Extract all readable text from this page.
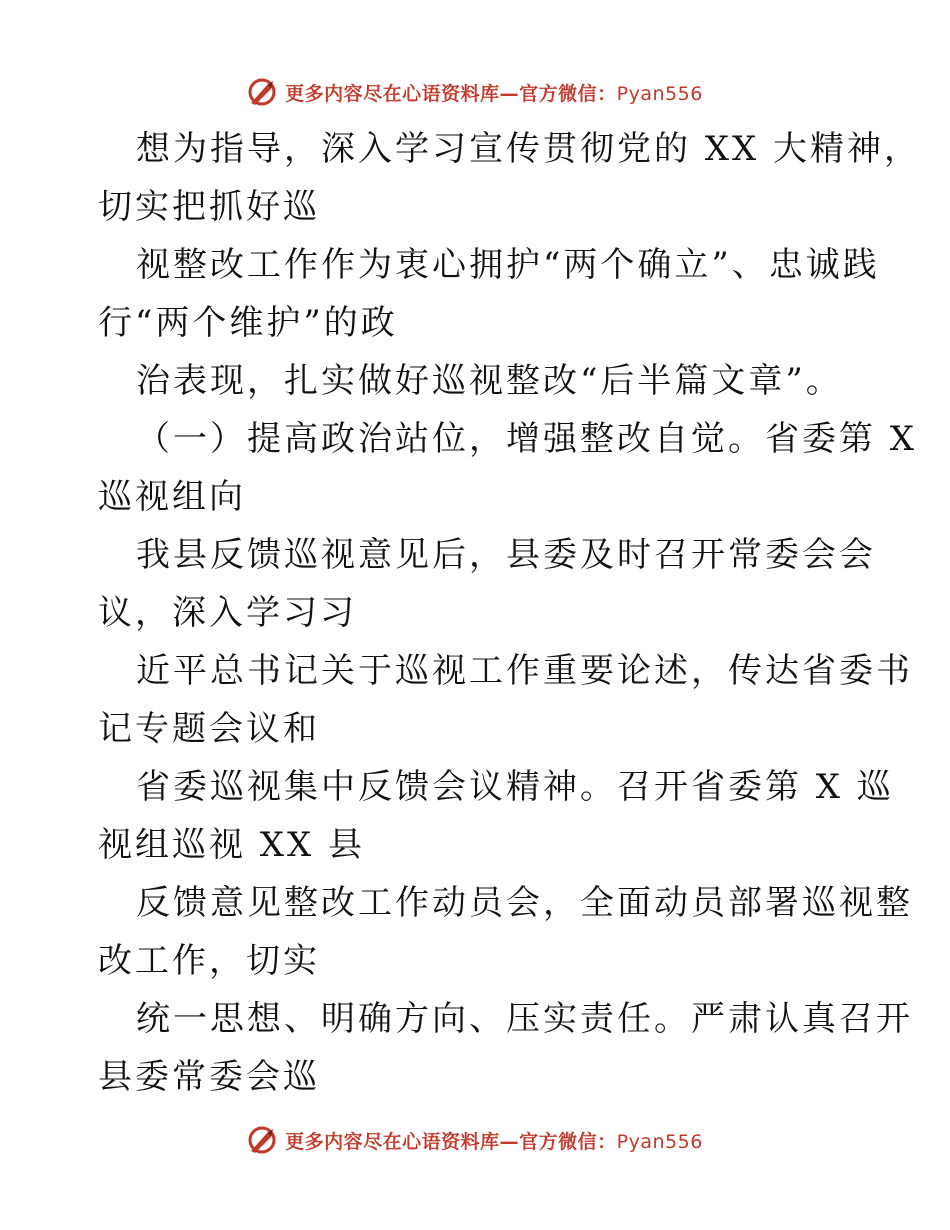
更多内容尽在心语资料库—官方微信：Pyan556
想为指导，深入学习宣传贯彻党的 XX 大精神，
切实把抓好巡
视整改工作作为衷心拥护“两个确立”、忠诚践
行“两个维护”的政
治表现，扎实做好巡视整改“后半篇文章”。
（一）提高政治站位，增强整改自觉。省委第 X
巡视组向
我县反馈巡视意见后，县委及时召开常委会会
议，深入学习习
近平总书记关于巡视工作重要论述，传达省委书
记专题会议和
省委巡视集中反馈会议精神。召开省委第 X 巡
视组巡视 XX 县
反馈意见整改工作动员会，全面动员部署巡视整
改工作，切实
统一思想、明确方向、压实责任。严肃认真召开
县委常委会巡
更多内容尽在心语资料库—官方微信：Pyan556
